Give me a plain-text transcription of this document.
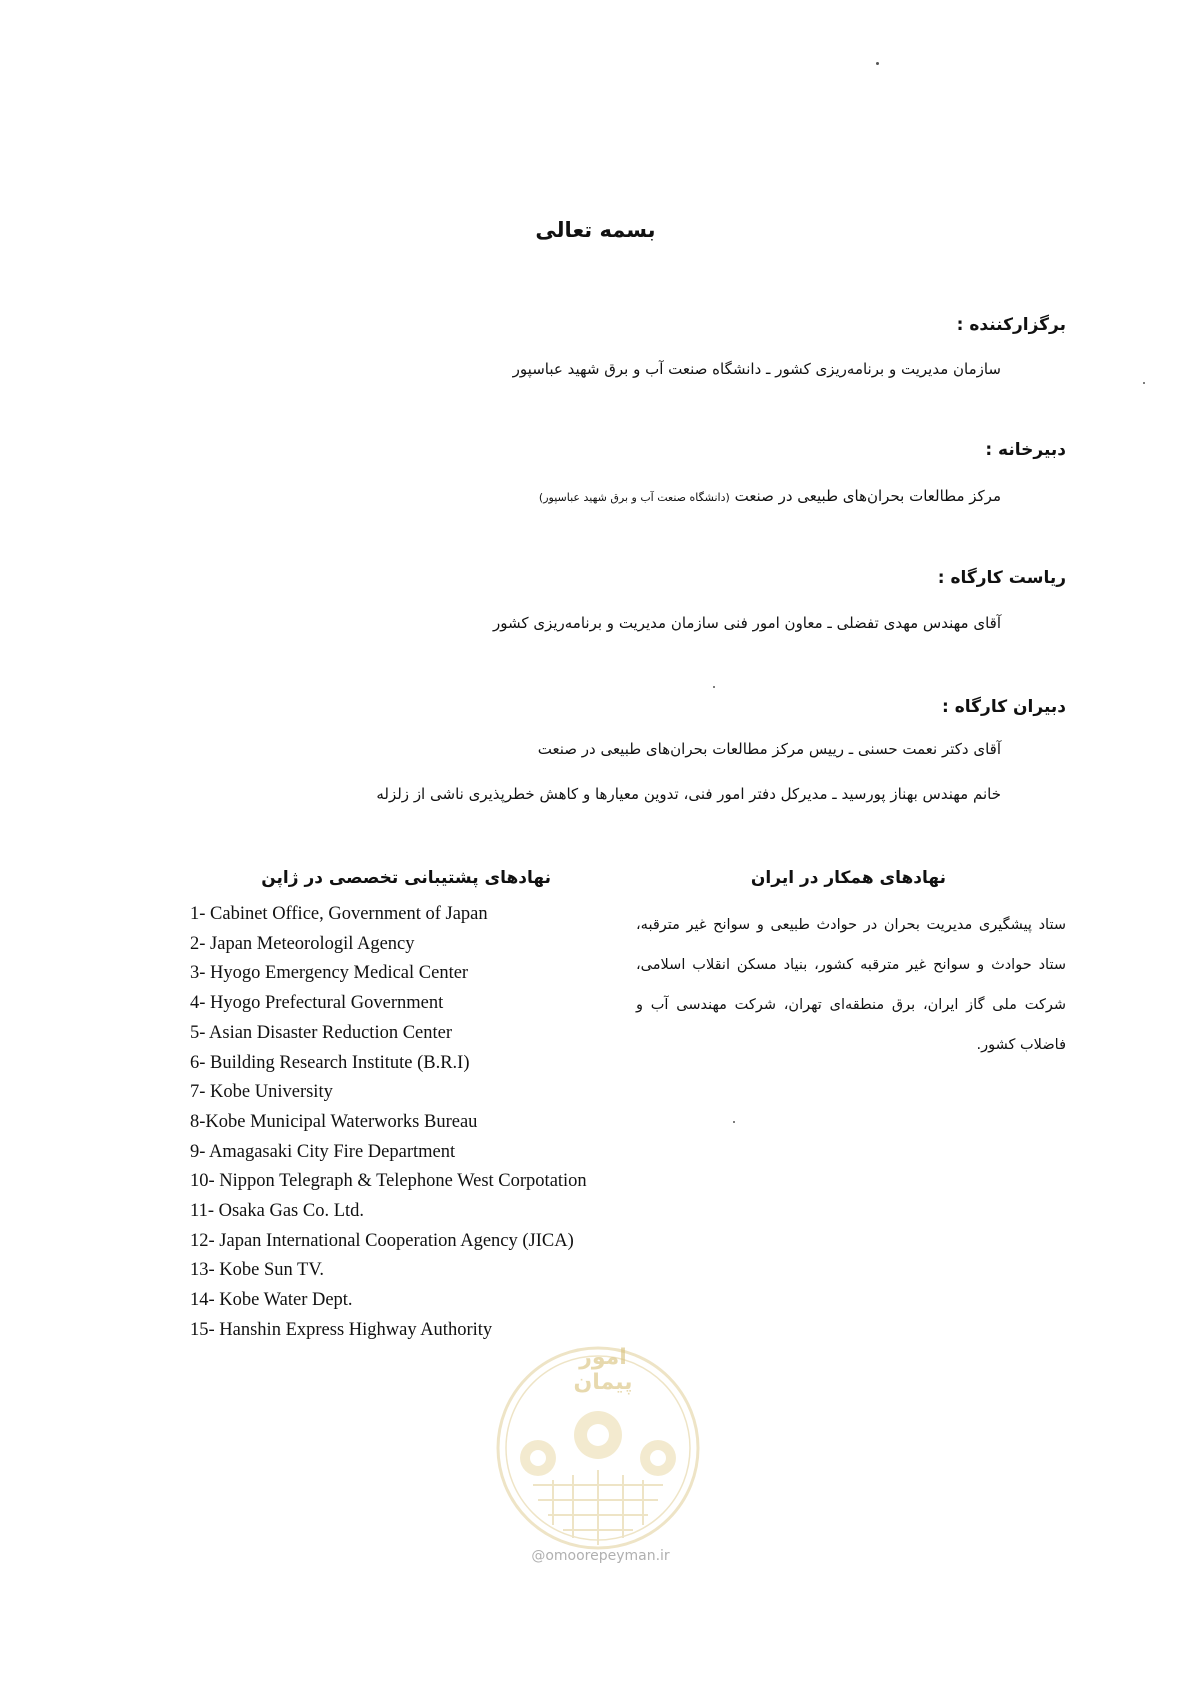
بسمه تعالی
برگزارکننده :
سازمان مدیریت و برنامه‌ریزی کشور ـ دانشگاه صنعت آب و برق شهید عباسپور
دبیرخانه :
مرکز مطالعات بحران‌های طبیعی در صنعت (دانشگاه صنعت آب و برق شهید عباسپور)
ریاست کارگاه :
آقای مهندس مهدی تفضلی ـ معاون امور فنی سازمان مدیریت و برنامه‌ریزی کشور
دبیران کارگاه :
آقای دکتر نعمت حسنی ـ رییس مرکز مطالعات بحران‌های طبیعی در صنعت
خانم مهندس بهناز پورسید ـ مدیرکل دفتر امور فنی، تدوین معیارها و کاهش خطرپذیری ناشی از زلزله
نهادهای همکار در ایران
ستاد پیشگیری مدیریت بحران در حوادث طبیعی و سوانح غیر مترقبه، ستاد حوادث و سوانح غیر مترقبه کشور، بنیاد مسکن انقلاب اسلامی، شرکت ملی گاز ایران، برق منطقه‌ای تهران، شرکت مهندسی آب و فاضلاب کشور.
نهادهای پشتیبانی تخصصی در ژاپن
1- Cabinet Office, Government of Japan
2- Japan Meteorologil Agency
3- Hyogo Emergency Medical Center
4- Hyogo Prefectural Government
5- Asian Disaster Reduction Center
6- Building Research Institute (B.R.I)
7- Kobe University
8-Kobe Municipal Waterworks Bureau
9- Amagasaki City Fire Department
10- Nippon Telegraph & Telephone West Corpotation
11- Osaka Gas Co. Ltd.
12- Japan International Cooperation Agency (JICA)
13- Kobe Sun TV.
14- Kobe Water Dept.
15- Hanshin Express Highway Authority
امور پیمان
@omoorepeyman.ir
